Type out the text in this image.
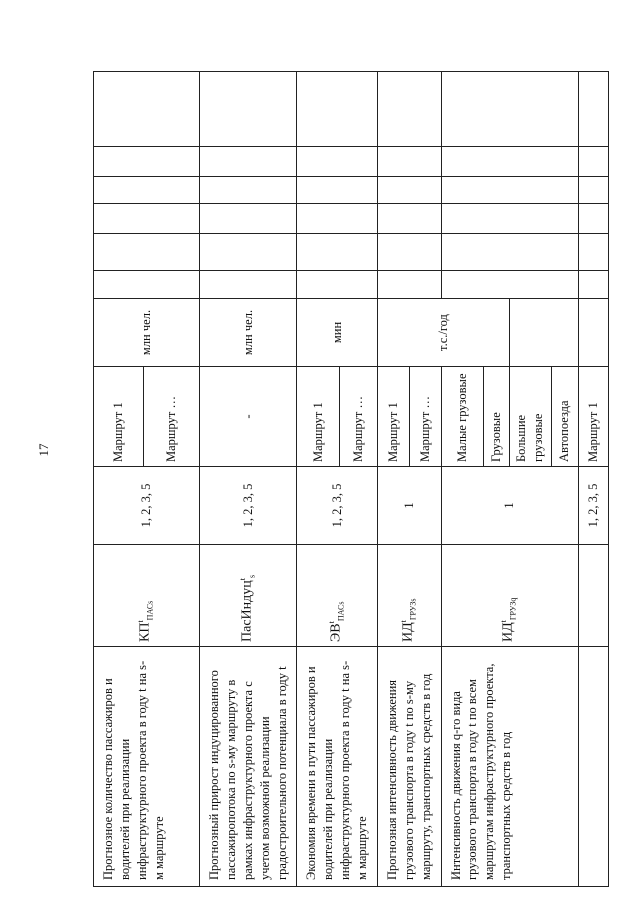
17
Прогнозное количество пассажиров и водителей при реализации инфраструктурного проекта в году t на s-м маршруте	$КП^t_{ПАСs}$	1, 2, 3, 5	Маршрут 1	млн чел.						
			Маршрут …							
Прогнозный прирост индуцированного пассажиропотока по s-му маршруту в рамках инфраструктурного проекта с учетом возможной реализации градостроительного потенциала в году t	ПасИндуц$^t_s$	1, 2, 3, 5	-	млн чел.						
Экономия времени в пути пассажиров и водителей при реализации инфраструктурного проекта в году t на s-м маршруте	$ЭВ^t_{ПАСs}$	1, 2, 3, 5	Маршрут 1	мин						
			Маршрут …							
Прогнозная интенсивность движения грузового транспорта в году t по s-му маршруту, транспортных средств в год	$ИД^t_{ГРУЗs}$	1	Маршрут 1	т.с./год						
			Маршрут …							
Интенсивность движения q-го вида грузового транспорта в году t по всем маршрутам инфраструктурного проекта, транспортных средств в год	$ИД^t_{ГРУЗq}$	1	Малые грузовые							
			Грузовые							
			Большие грузовые							
			Автопоезда							
		1, 2, 3, 5	Маршрут 1							
